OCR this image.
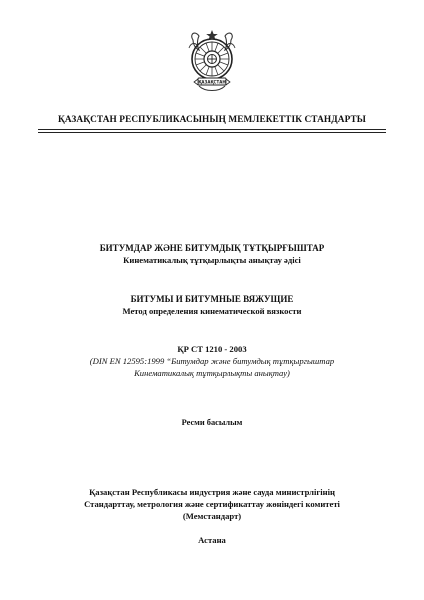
ҚАЗАҚСТАН
ҚАЗАҚСТАН РЕСПУБЛИКАСЫНЫҢ МЕМЛЕКЕТТІК СТАНДАРТЫ
БИТУМДАР ЖӘНЕ БИТУМДЫҚ ТҰТҚЫРҒЫШТАР
Кинематикалық тұтқырлықты анықтау әдісі
БИТУМЫ И БИТУМНЫЕ ВЯЖУЩИЕ
Метод определения кинематической вязкости
ҚР СТ 1210 - 2003
(DIN EN 12595:1999 “Битумдар және битумдық тұтқыргыштар
Кинематикалық тұтқырлықты анықтау)
Ресми басылым
Қазақстан Республикасы индустрия және сауда министрлігінің
Стандарттау, метрология және сертификаттау жөніндегі комитеті
(Мемстандарт)
Астана
